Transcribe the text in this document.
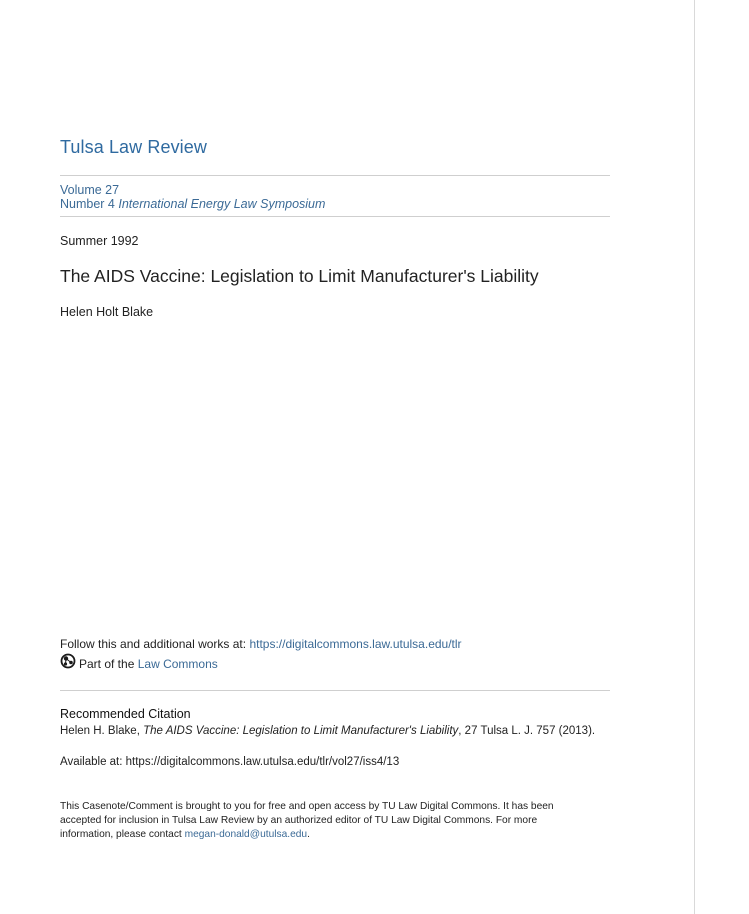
Tulsa Law Review
Volume 27
Number 4 International Energy Law Symposium
Summer 1992
The AIDS Vaccine: Legislation to Limit Manufacturer's Liability
Helen Holt Blake
Follow this and additional works at: https://digitalcommons.law.utulsa.edu/tlr
Part of the
Law Commons
Recommended Citation
Helen H. Blake, The AIDS Vaccine: Legislation to Limit Manufacturer's Liability, 27 Tulsa L. J. 757 (2013).
Available at: https://digitalcommons.law.utulsa.edu/tlr/vol27/iss4/13
This Casenote/Comment is brought to you for free and open access by TU Law Digital Commons. It has been accepted for inclusion in Tulsa Law Review by an authorized editor of TU Law Digital Commons. For more information, please contact megan-donald@utulsa.edu.
